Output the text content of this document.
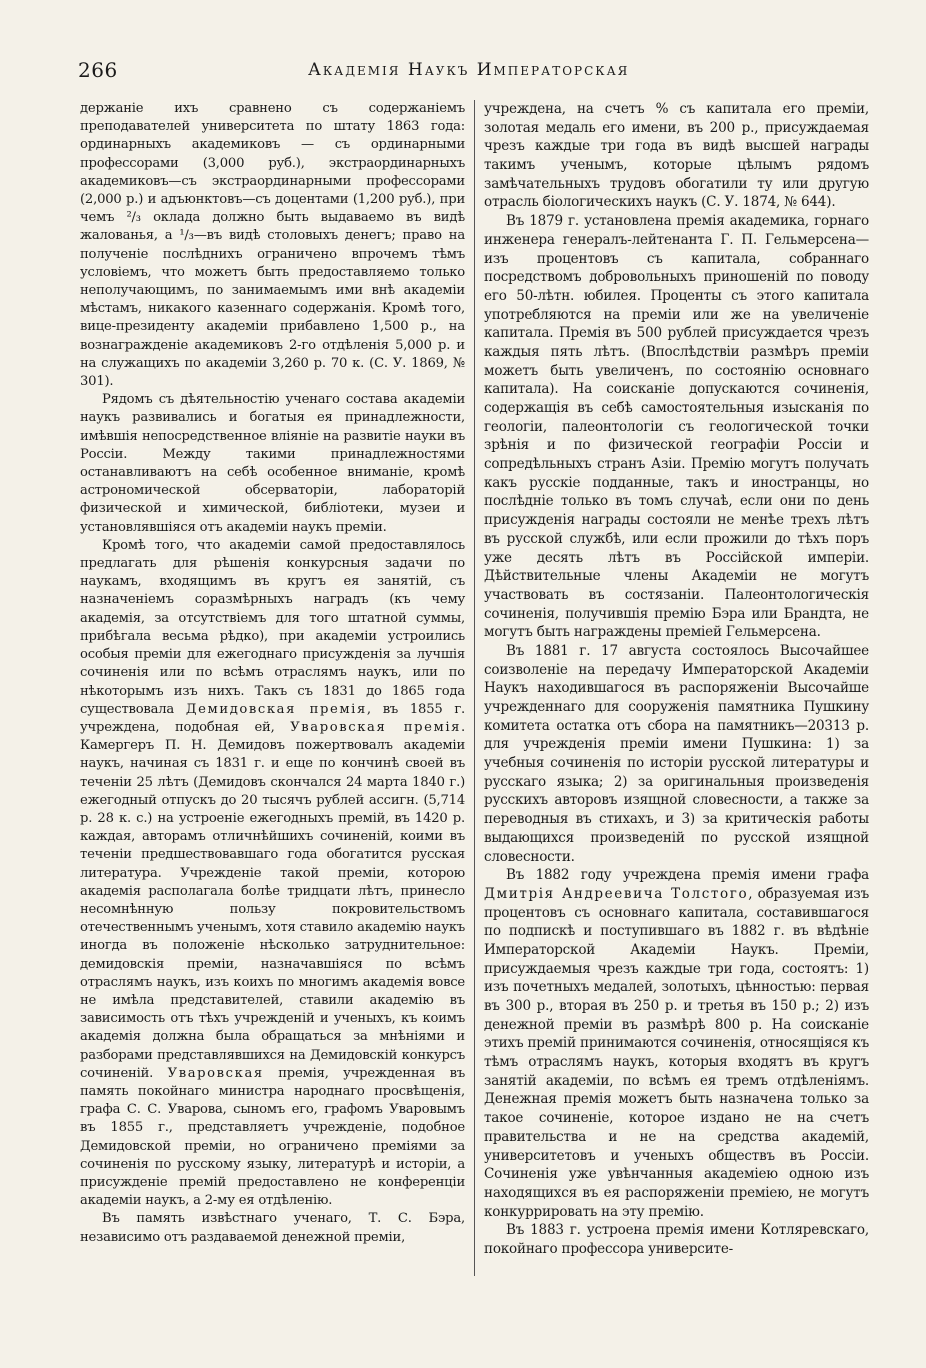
266	Академія Наукъ Императорская

держаніе ихъ сравнено съ содержаніемъ преподавателей университета по штату 1863 года: ординарныхъ академиковъ — съ ординарными профессорами (3,000 руб.), экстраординарныхъ академиковъ—съ экстраординарными профессорами (2,000 р.) и адъюнктовъ—съ доцентами (1,200 руб.), при чемъ ²/₃ оклада должно быть выдаваемо въ видѣ жалованья, а ¹/₃—въ видѣ столовыхъ денегъ; право на полученіе послѣднихъ ограничено впрочемъ тѣмъ условіемъ, что можетъ быть предоставляемо только неполучающимъ, по занимаемымъ ими внѣ академіи мѣстамъ, никакого казеннаго содержанія. Кромѣ того, вице-президенту академіи прибавлено 1,500 р., на вознагражденіе академиковъ 2-го отдѣленія 5,000 р. и на служащихъ по академіи 3,260 р. 70 к. (С. У. 1869, № 301).

Рядомъ съ дѣятельностію ученаго состава академіи наукъ развивались и богатыя ея принадлежности, имѣвшія непосредственное вліяніе на развитіе науки въ Россіи. Между такими принадлежностями останавливаютъ на себѣ особенное вниманіе, кромѣ астрономической обсерваторіи, лабораторій физической и химической, библіотеки, музеи и установлявшіяся отъ академіи наукъ преміи.

Кромѣ того, что академіи самой предоставлялось предлагать для рѣшенія конкурсныя задачи по наукамъ, входящимъ въ кругъ ея занятій, съ назначеніемъ соразмѣрныхъ наградъ (къ чему академія, за отсутствіемъ для того штатной суммы, прибѣгала весьма рѣдко), при академіи устроились особыя преміи для ежегоднаго присужденія за лучшія сочиненія или по всѣмъ отраслямъ наукъ, или по нѣкоторымъ изъ нихъ. Такъ съ 1831 до 1865 года существовала Демидовская премія, въ 1855 г. учреждена, подобная ей, Уваровская премія. Камергеръ П. Н. Демидовъ пожертвовалъ академіи наукъ, начиная съ 1831 г. и еще по кончинѣ своей въ теченіи 25 лѣтъ (Демидовъ скончался 24 марта 1840 г.) ежегодный отпускъ до 20 тысячъ рублей ассигн. (5,714 р. 28 к. с.) на устроеніе ежегодныхъ премій, въ 1420 р. каждая, авторамъ отличнѣйшихъ сочиненій, коими въ теченіи предшествовавшаго года обогатится русская литература. Учрежденіе такой преміи, которою академія располагала болѣе тридцати лѣтъ, принесло несомнѣнную пользу покровительствомъ отечественнымъ ученымъ, хотя ставило академію наукъ иногда въ положеніе нѣсколько затруднительное: демидовскія преміи, назначавшіяся по всѣмъ отраслямъ наукъ, изъ коихъ по многимъ академія вовсе не имѣла представителей, ставили академію въ зависимость отъ тѣхъ учрежденій и ученыхъ, къ коимъ академія должна была обращаться за мнѣніями и разборами представлявшихся на Демидовскій конкурсъ сочиненій. Уваровская премія, учрежденная въ память покойнаго министра народнаго просвѣщенія, графа С. С. Уварова, сыномъ его, графомъ Уваровымъ въ 1855 г., представляетъ учрежденіе, подобное Демидовской преміи, но ограничено преміями за сочиненія по русскому языку, литературѣ и исторіи, а присужденіе премій предоставлено не конференціи академіи наукъ, а 2-му ея отдѣленію.

Въ память извѣстнаго ученаго, Т. С. Бэра, независимо отъ раздаваемой денежной преміи,

учреждена, на счетъ % съ капитала его преміи, золотая медаль его имени, въ 200 р., присуждаемая чрезъ каждые три года въ видѣ высшей награды такимъ ученымъ, которые цѣлымъ рядомъ замѣчательныхъ трудовъ обогатили ту или другую отрасль біологическихъ наукъ (С. У. 1874, № 644).

Въ 1879 г. установлена премія академика, горнаго инженера генералъ-лейтенанта Г. П. Гельмерсена—изъ процентовъ съ капитала, собраннаго посредствомъ добровольныхъ приношеній по поводу его 50-лѣтн. юбилея. Проценты съ этого капитала употребляются на преміи или же на увеличеніе капитала. Премія въ 500 рублей присуждается чрезъ каждыя пять лѣтъ. (Впослѣдствіи размѣръ преміи можетъ быть увеличенъ, по состоянію основнаго капитала). На соисканіе допускаются сочиненія, содержащія въ себѣ самостоятельныя изысканія по геологіи, палеонтологіи съ геологической точки зрѣнія и по физической географіи Россіи и сопредѣльныхъ странъ Азіи. Премію могутъ получать какъ русскіе подданные, такъ и иностранцы, но послѣдніе только въ томъ случаѣ, если они по день присужденія награды состояли не менѣе трехъ лѣтъ въ русской службѣ, или если прожили до тѣхъ поръ уже десять лѣтъ въ Россійской имперіи. Дѣйствительные члены Академіи не могутъ участвовать въ состязаніи. Палеонтологическія сочиненія, получившія премію Бэра или Брандта, не могутъ быть награждены преміей Гельмерсена.

Въ 1881 г. 17 августа состоялось Высочайшее соизволеніе на передачу Императорской Академіи Наукъ находившагося въ распоряженіи Высочайше учрежденнаго для сооруженія памятника Пушкину комитета остатка отъ сбора на памятникъ—20313 р. для учрежденія преміи имени Пушкина: 1) за учебныя сочиненія по исторіи русской литературы и русскаго языка; 2) за оригинальныя произведенія русскихъ авторовъ изящной словесности, а также за переводныя въ стихахъ, и 3) за критическія работы выдающихся произведеній по русской изящной словесности.

Въ 1882 году учреждена премія имени графа Дмитрія Андреевича Толстого, образуемая изъ процентовъ съ основнаго капитала, составившагося по подпискѣ и поступившаго въ 1882 г. въ вѣдѣніе Императорской Академіи Наукъ. Преміи, присуждаемыя чрезъ каждые три года, состоятъ: 1) изъ почетныхъ медалей, золотыхъ, цѣнностью: первая въ 300 р., вторая въ 250 р. и третья въ 150 р.; 2) изъ денежной преміи въ размѣрѣ 800 р. На соисканіе этихъ премій принимаются сочиненія, относящіяся къ тѣмъ отраслямъ наукъ, которыя входятъ въ кругъ занятій академіи, по всѣмъ ея тремъ отдѣленіямъ. Денежная премія можетъ быть назначена только за такое сочиненіе, которое издано не на счетъ правительства и не на средства академій, университетовъ и ученыхъ обществъ въ Россіи. Сочиненія уже увѣнчанныя академіею одною изъ находящихся въ ея распоряженіи преміею, не могутъ конкуррировать на эту премію.

Въ 1883 г. устроена премія имени Котляревскаго, покойнаго профессора университе-
